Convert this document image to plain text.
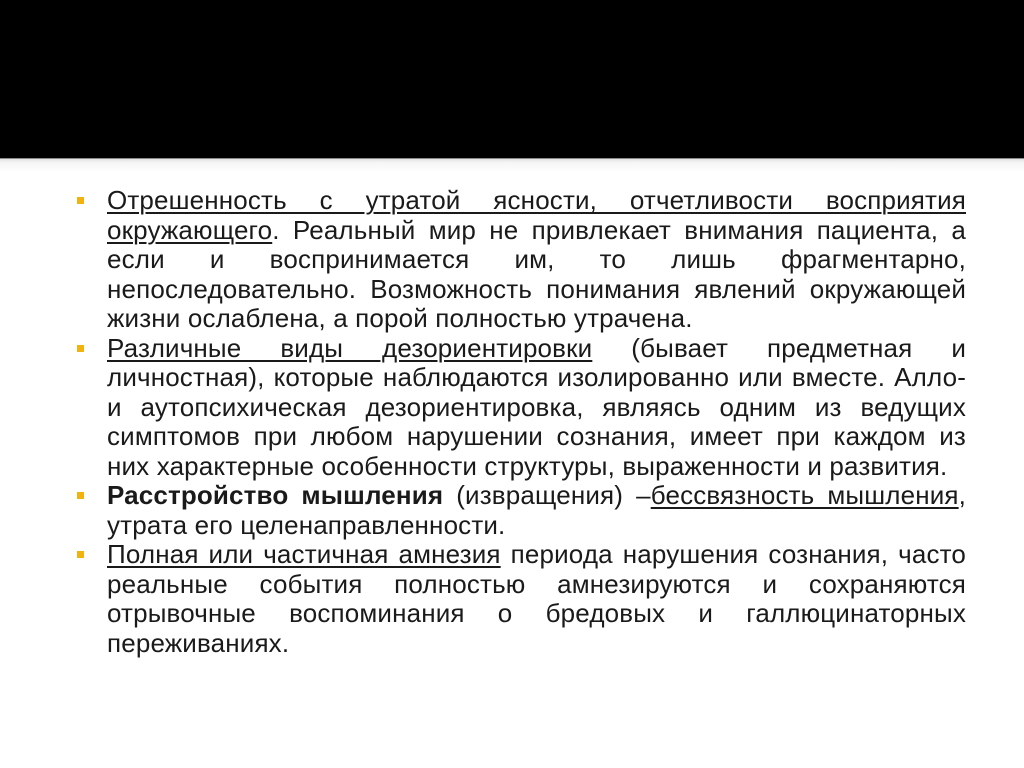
Отрешенность с утратой ясности, отчетливости восприятия окружающего. Реальный мир не привлекает внимания пациента, а если и воспринимается им, то лишь фрагментарно, непоследовательно. Возможность понимания явлений окружающей жизни ослаблена, а порой полностью утрачена.
Различные виды дезориентировки (бывает предметная и личностная), которые наблюдаются изолированно или вместе. Алло- и аутопсихическая дезориентировка, являясь одним из ведущих симптомов при любом нарушении сознания, имеет при каждом из них характерные особенности структуры, выраженности и развития.
Расстройство мышления (извращения) –бессвязность мышления, утрата его целенаправленности.
Полная или частичная амнезия периода нарушения сознания, часто реальные события полностью амнезируются и сохраняются отрывочные воспоминания о бредовых и галлюцинаторных переживаниях.
